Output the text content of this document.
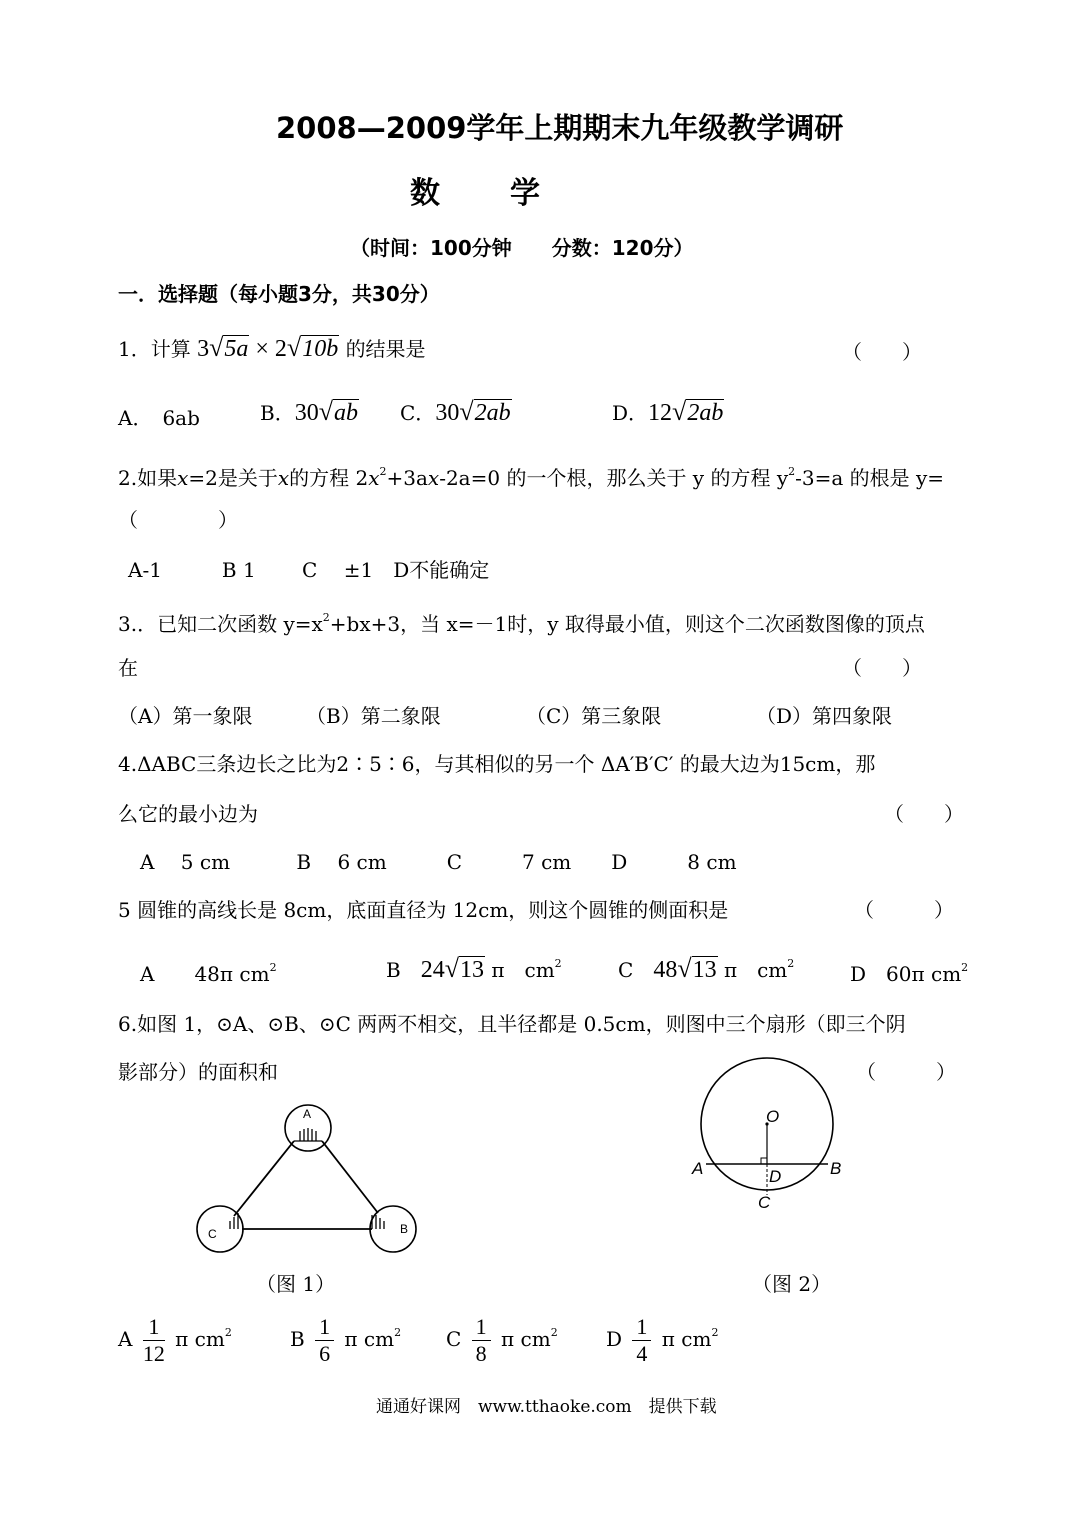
2008—2009学年上期期末九年级教学调研
数　学
（时间：100分钟　　分数：120分）
一．选择题（每小题3分，共30分）
1．计算 3√5a × 2√10b 的结果是	（　　）
A．　6ab	B．30√ab C．30√2ab	D．12√2ab
2.如果x=2是关于x的方程 $2x^2+3ax-2a=0$ 的一个根，那么关于 y 的方程 $y^2-3=a$ 的根是 y=
（　　　　）
A-1　　　B 1　　 C　 ±1　D不能确定
3.．已知二次函数 $y=x^2+bx+3$，当 x=－1时，y 取得最小值，则这个二次函数图像的顶点
在	（　　）
（A）第一象限	（B）第二象限	（C）第三象限	（D）第四象限
4.ΔABC三条边长之比为2∶5∶6，与其相似的另一个 ΔA′B′C′ 的最大边为15cm，那
么它的最小边为	（　　）
A　 5 cm　　　 B　 6 cm　　　C　　　7 cm　　D　　　8 cm
5 圆锥的高线长是 8cm，底面直径为 12cm，则这个圆锥的侧面积是	（　　　）
A　　 48π $cm^2$	B　 24√13 π　$cm^2$	C　 48√13 π　$cm^2$	D　 60π $cm^2$
6.如图 1，⊙A、⊙B、⊙C 两两不相交，且半径都是 0.5cm，则图中三个扇形（即三个阴
影部分）的面积和	（　　　）
A
B
C
（图 1）
O
A	B
C
D
（图 2）
A $\frac{1}{12}$ π $cm^2$	B $\frac{1}{6}$ π $cm^2$ C $\frac{1}{8}$ π $cm^2$ D $\frac{1}{4}$ π $cm^2$
通通好课网　www.tthaoke.com　提供下载
